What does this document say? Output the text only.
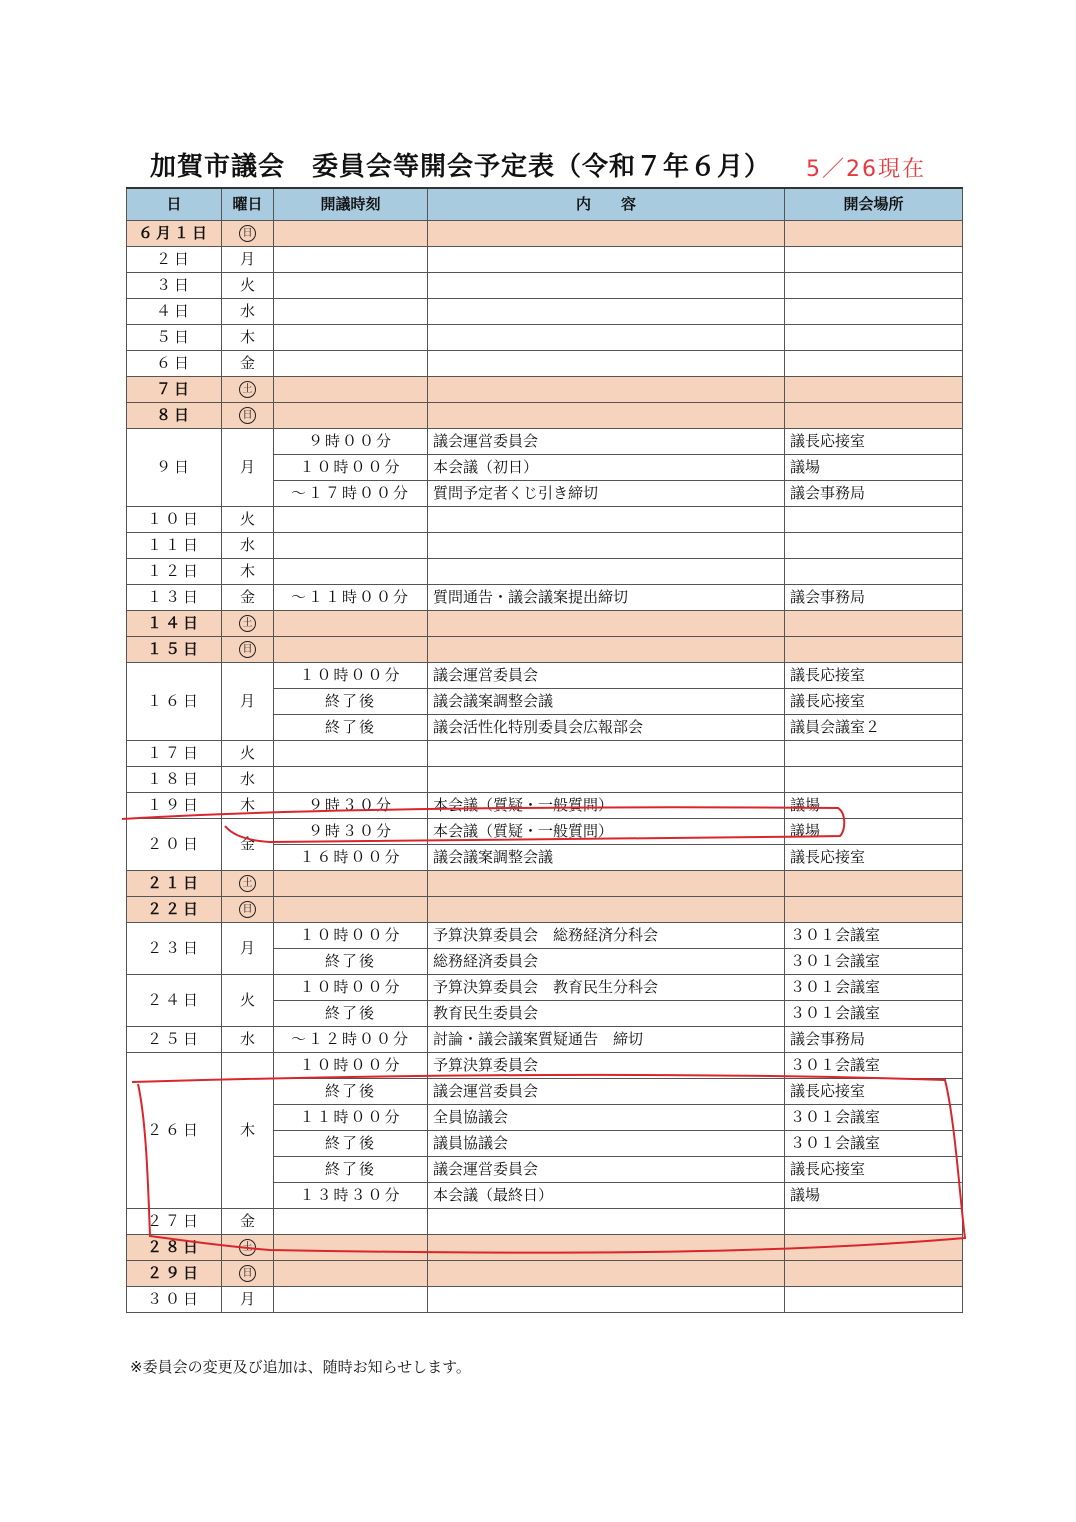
加賀市議会　委員会等開会予定表（令和７年６月） 5／26現在
日	曜日	開議時刻	内　　容	開会場所
６月１日	日			
２日	月			
３日	火			
４日	水			
５日	木			
６日	金			
７日	土			
８日	日			
９日	月	９時００分	議会運営委員会	議長応接室
		１０時００分	本会議（初日）	議場
		～１７時００分	質問予定者くじ引き締切	議会事務局
１０日	火			
１１日	水			
１２日	木			
１３日	金	～１１時００分	質問通告・議会議案提出締切	議会事務局
１４日	土			
１５日	日			
１６日	月	１０時００分	議会運営委員会	議長応接室
		終了後	議会議案調整会議	議長応接室
		終了後	議会活性化特別委員会広報部会	議員会議室２
１７日	火			
１８日	水			
１９日	木	９時３０分	本会議（質疑・一般質問）	議場
２０日	金	９時３０分	本会議（質疑・一般質問）	議場
		１６時００分	議会議案調整会議	議長応接室
２１日	土			
２２日	日			
２３日	月	１０時００分	予算決算委員会　総務経済分科会	３０１会議室
		終了後	総務経済委員会	３０１会議室
２４日	火	１０時００分	予算決算委員会　教育民生分科会	３０１会議室
		終了後	教育民生委員会	３０１会議室
２５日	水	～１２時００分	討論・議会議案質疑通告　締切	議会事務局
２６日	木	１０時００分	予算決算委員会	３０１会議室
		終了後	議会運営委員会	議長応接室
		１１時００分	全員協議会	３０１会議室
		終了後	議員協議会	３０１会議室
		終了後	議会運営委員会	議長応接室
		１３時３０分	本会議（最終日）	議場
２７日	金			
２８日	土			
２９日	日			
３０日	月			
※委員会の変更及び追加は、随時お知らせします。
